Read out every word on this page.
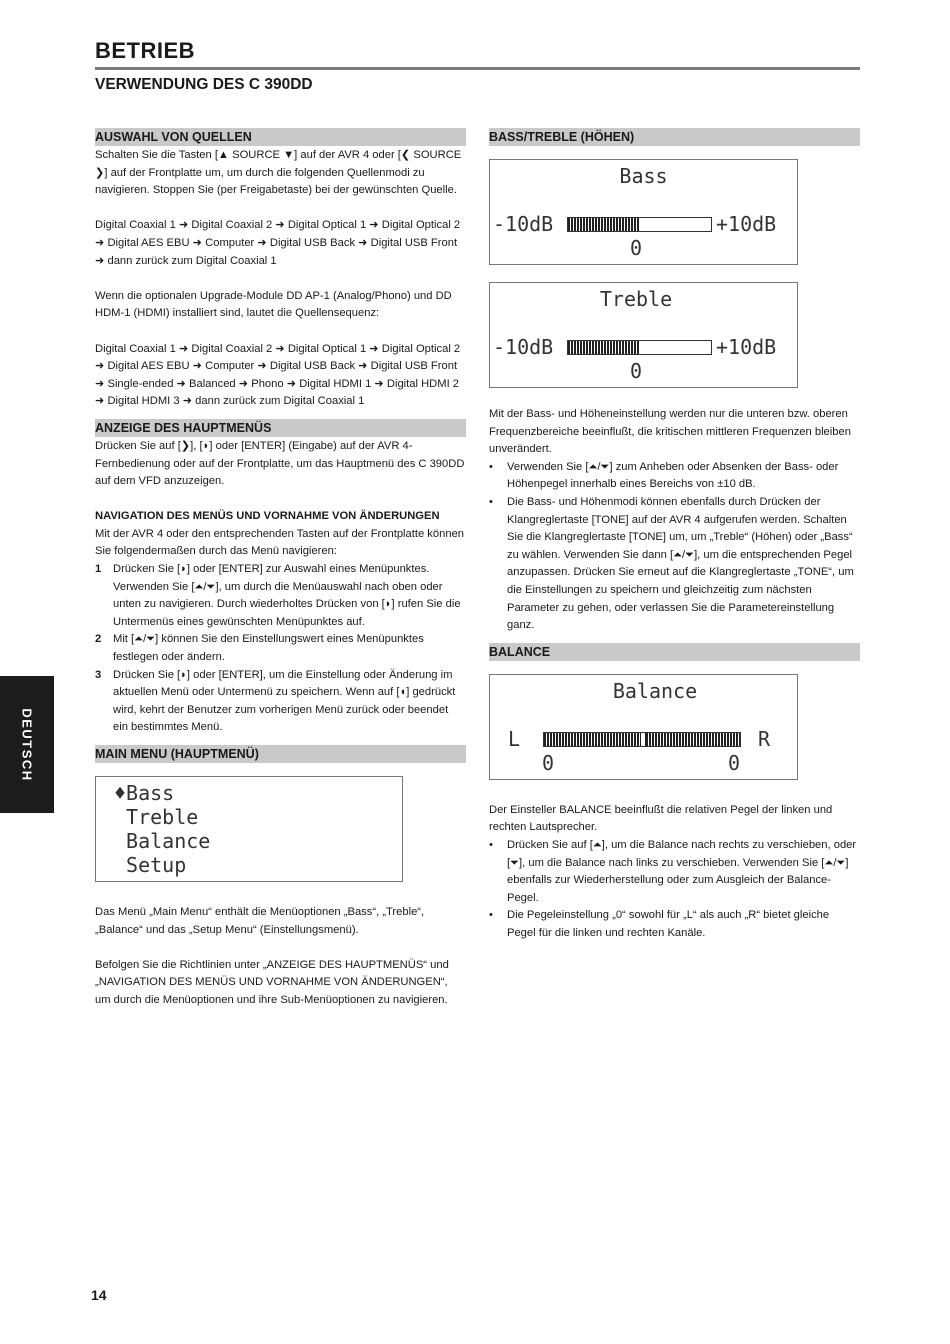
BETRIEB
VERWENDUNG DES C 390DD
AUSWAHL VON QUELLEN

Schalten Sie die Tasten [▲ SOURCE ▼] auf der AVR 4 oder [❮ SOURCE ❯] auf der Frontplatte um, um durch die folgenden Quellenmodi zu navigieren. Stoppen Sie (per Freigabetaste) bei der gewünschten Quelle.

Digital Coaxial 1 ➜ Digital Coaxial 2 ➜ Digital Optical 1 ➜ Digital Optical 2 ➜ Digital AES EBU ➜ Computer ➜ Digital USB Back ➜ Digital USB Front ➜ dann zurück zum Digital Coaxial 1

Wenn die optionalen Upgrade-Module DD AP-1 (Analog/Phono) und DD HDM-1 (HDMI) installiert sind, lautet die Quellensequenz:

Digital Coaxial 1 ➜ Digital Coaxial 2 ➜ Digital Optical 1 ➜ Digital Optical 2 ➜ Digital AES EBU ➜ Computer ➜ Digital USB Back ➜ Digital USB Front ➜ Single-ended ➜ Balanced ➜ Phono ➜ Digital HDMI 1 ➜ Digital HDMI 2 ➜ Digital HDMI 3 ➜ dann zurück zum Digital Coaxial 1

ANZEIGE DES HAUPTMENÜS

Drücken Sie auf [❯], [◗] oder [ENTER] (Eingabe) auf der AVR 4-Fernbedienung oder auf der Frontplatte, um das Hauptmenü des C 390DD auf dem VFD anzuzeigen.

NAVIGATION DES MENÜS UND VORNAHME VON ÄNDERUNGEN

Mit der AVR 4 oder den entsprechenden Tasten auf der Frontplatte können Sie folgendermaßen durch das Menü navigieren:

1 Drücken Sie [◗] oder [ENTER] zur Auswahl eines Menüpunktes. Verwenden Sie [⏶/⏷], um durch die Menüauswahl nach oben oder unten zu navigieren. Durch wiederholtes Drücken von [◗] rufen Sie die Untermenüs eines gewünschten Menüpunktes auf.
2 Mit [⏶/⏷] können Sie den Einstellungswert eines Menüpunktes festlegen oder ändern.
3 Drücken Sie [◗] oder [ENTER], um die Einstellung oder Änderung im aktuellen Menü oder Untermenü zu speichern. Wenn auf [◖] gedrückt wird, kehrt der Benutzer zum vorherigen Menü zurück oder beendet ein bestimmtes Menü.
MAIN MENU (HAUPTMENÜ)
♦Bass
Treble
Balance
Setup

Das Menü „Main Menu“ enthält die Menüoptionen „Bass“, „Treble“, „Balance“ und das „Setup Menu“ (Einstellungsmenü).

Befolgen Sie die Richtlinien unter „ANZEIGE DES HAUPTMENÜS“ und „NAVIGATION DES MENÜS UND VORNAHME VON ÄNDERUNGEN“, um durch die Menüoptionen und ihre Sub-Menüoptionen zu navigieren.

BASS/TREBLE (HÖHEN)
Bass
-10dB	+10dB
0
Treble
-10dB	+10dB
0

Mit der Bass- und Höheneinstellung werden nur die unteren bzw. oberen Frequenzbereiche beeinflußt, die kritischen mittleren Frequenzen bleiben unverändert.

• Verwenden Sie [⏶/⏷] zum Anheben oder Absenken der Bass- oder Höhenpegel innerhalb eines Bereichs von ±10 dB.
• Die Bass- und Höhenmodi können ebenfalls durch Drücken der Klangreglertaste [TONE] auf der AVR 4 aufgerufen werden. Schalten Sie die Klangreglertaste [TONE] um, um „Treble“ (Höhen) oder „Bass“ zu wählen. Verwenden Sie dann [⏶/⏷], um die entsprechenden Pegel anzupassen. Drücken Sie erneut auf die Klangreglertaste „TONE“, um die Einstellungen zu speichern und gleichzeitig zum nächsten Parameter zu gehen, oder verlassen Sie die Parametereinstellung ganz.
BALANCE
Balance
L	R
0	0

Der Einsteller BALANCE beeinflußt die relativen Pegel der linken und rechten Lautsprecher.

• Drücken Sie auf [⏶], um die Balance nach rechts zu verschieben, oder [⏷], um die Balance nach links zu verschieben. Verwenden Sie [⏶/⏷] ebenfalls zur Wiederherstellung oder zum Ausgleich der Balance-Pegel.
• Die Pegeleinstellung „0“ sowohl für „L“ als auch „R“ bietet gleiche Pegel für die linken und rechten Kanäle.
DEUTSCH
14
